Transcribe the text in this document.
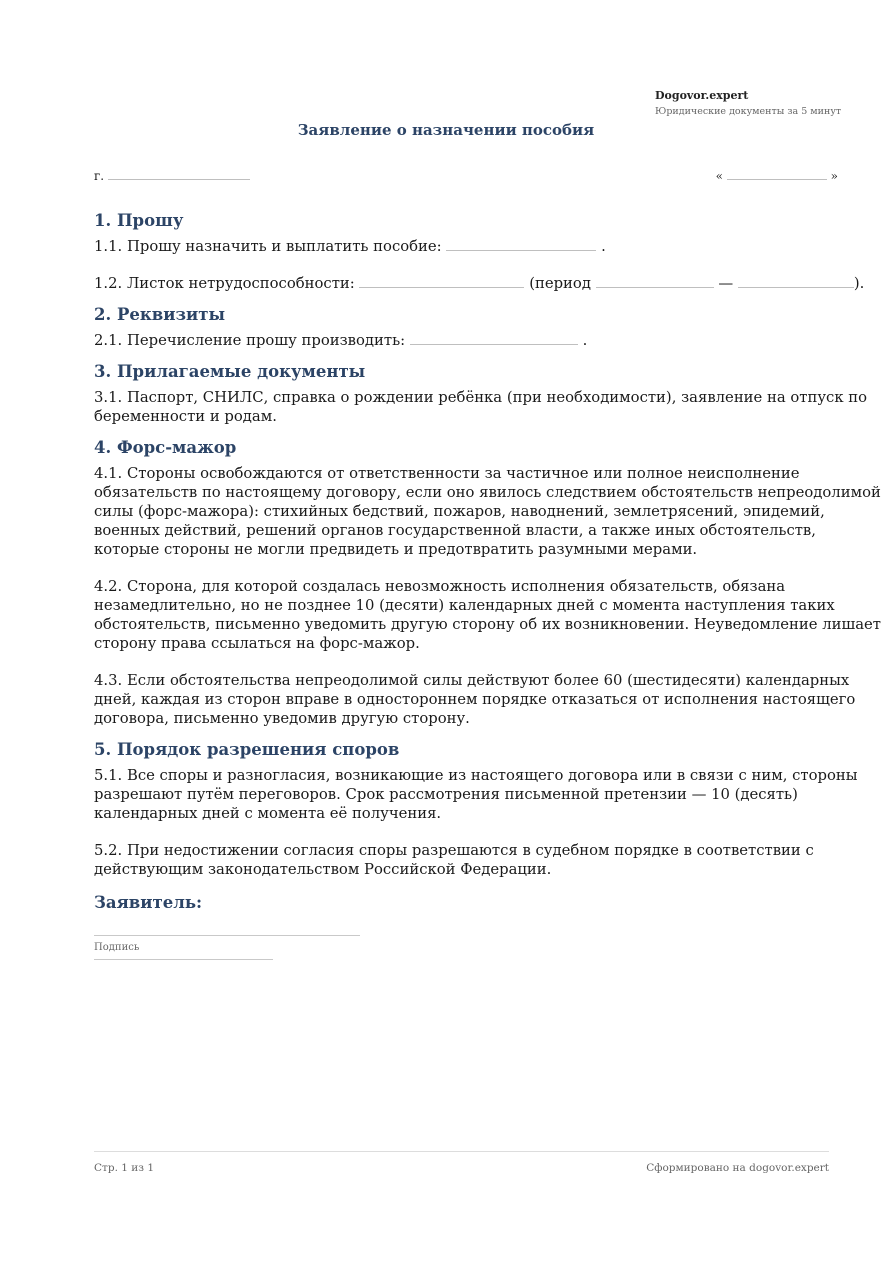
Dogovor.expert
Юридические документы за 5 минут
Заявление о назначении пособия
г.	«	»
1. Прошу

1.1. Прошу назначить и выплатить пособие:	.

1.2. Листок нетрудоспособности:	(период	—	).

2. Реквизиты

2.1. Перечисление прошу производить:	.

3. Прилагаемые документы

3.1. Паспорт, СНИЛС, справка о рождении ребёнка (при необходимости), заявление на отпуск по беременности и родам.

4. Форс-мажор

4.1. Стороны освобождаются от ответственности за частичное или полное неисполнение обязательств по настоящему договору, если оно явилось следствием обстоятельств непреодолимой силы (форс-мажора): стихийных бедствий, пожаров, наводнений, землетрясений, эпидемий, военных действий, решений органов государственной власти, а также иных обстоятельств, которые стороны не могли предвидеть и предотвратить разумными мерами.

4.2. Сторона, для которой создалась невозможность исполнения обязательств, обязана незамедлительно, но не позднее 10 (десяти) календарных дней с момента наступления таких обстоятельств, письменно уведомить другую сторону об их возникновении. Неуведомление лишает сторону права ссылаться на форс-мажор.

4.3. Если обстоятельства непреодолимой силы действуют более 60 (шестидесяти) календарных дней, каждая из сторон вправе в одностороннем порядке отказаться от исполнения настоящего договора, письменно уведомив другую сторону.

5. Порядок разрешения споров

5.1. Все споры и разногласия, возникающие из настоящего договора или в связи с ним, стороны разрешают путём переговоров. Срок рассмотрения письменной претензии — 10 (десять) календарных дней с момента её получения.

5.2. При недостижении согласия споры разрешаются в судебном порядке в соответствии с действующим законодательством Российской Федерации.

Заявитель:
Подпись
Стр. 1 из 1	Сформировано на dogovor.expert
